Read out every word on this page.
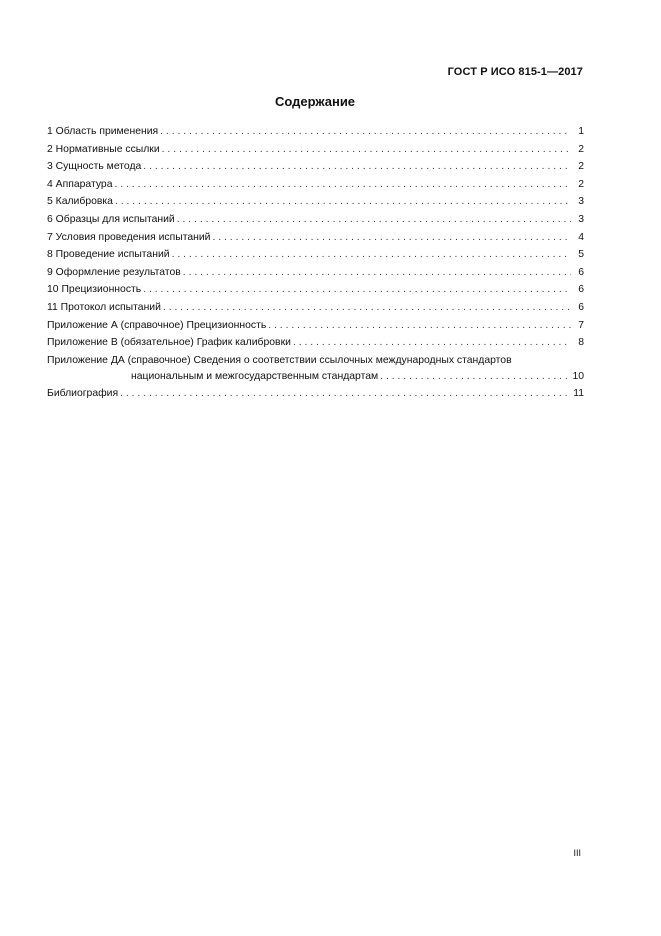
ГОСТ Р ИСО 815-1—2017
Содержание
1 Область применения . . .	1
2 Нормативные ссылки . . .	2
3 Сущность метода . . .	2
4 Аппаратура . . .	2
5 Калибровка . . .	3
6 Образцы для испытаний . . .	3
7 Условия проведения испытаний . . .	4
8 Проведение испытаний . . .	5
9 Оформление результатов . . .	6
10 Прецизионность . . .	6
11 Протокол испытаний . . .	6
Приложение А (справочное) Прецизионность . . .	7
Приложение В (обязательное) График калибровки . . .	8
Приложение ДА (справочное) Сведения о соответствии ссылочных международных стандартов
национальным и межгосударственным стандартам . . .	10
Библиография . . .	11
III
